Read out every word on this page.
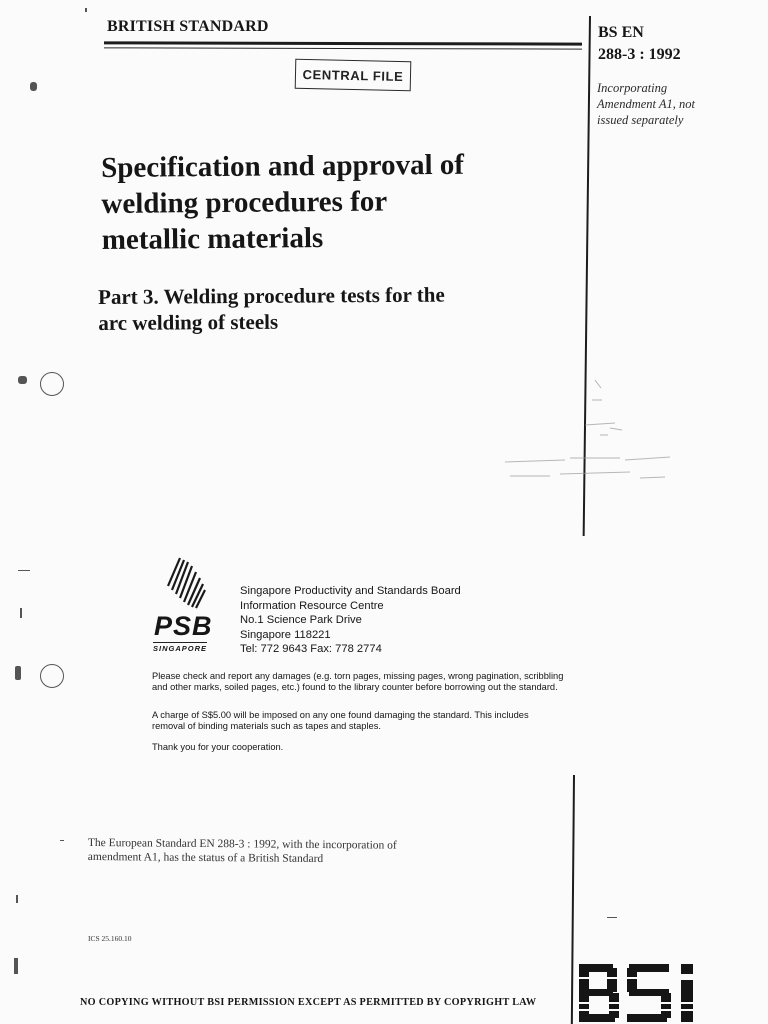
BRITISH STANDARD	BS EN
288-3 : 1992
Incorporating
Amendment A1, not
issued separately
CENTRAL FILE
Specification and approval of
welding procedures for
metallic materials
Part 3. Welding procedure tests for the
arc welding of steels
PSB
SINGAPORE
Singapore Productivity and Standards Board
Information Resource Centre
No.1 Science Park Drive
Singapore 118221
Tel: 772 9643 Fax: 778 2774
Please check and report any damages (e.g. torn pages, missing pages, wrong pagination, scribbling
and other marks, soiled pages, etc.) found to the library counter before borrowing out the standard.
A charge of S$5.00 will be imposed on any one found damaging the standard. This includes
removal of binding materials such as tapes and staples.
Thank you for your cooperation.
The European Standard EN 288-3 : 1992, with the incorporation of
amendment A1, has the status of a British Standard
ICS 25.160.10
NO COPYING WITHOUT BSI PERMISSION EXCEPT AS PERMITTED BY COPYRIGHT LAW
